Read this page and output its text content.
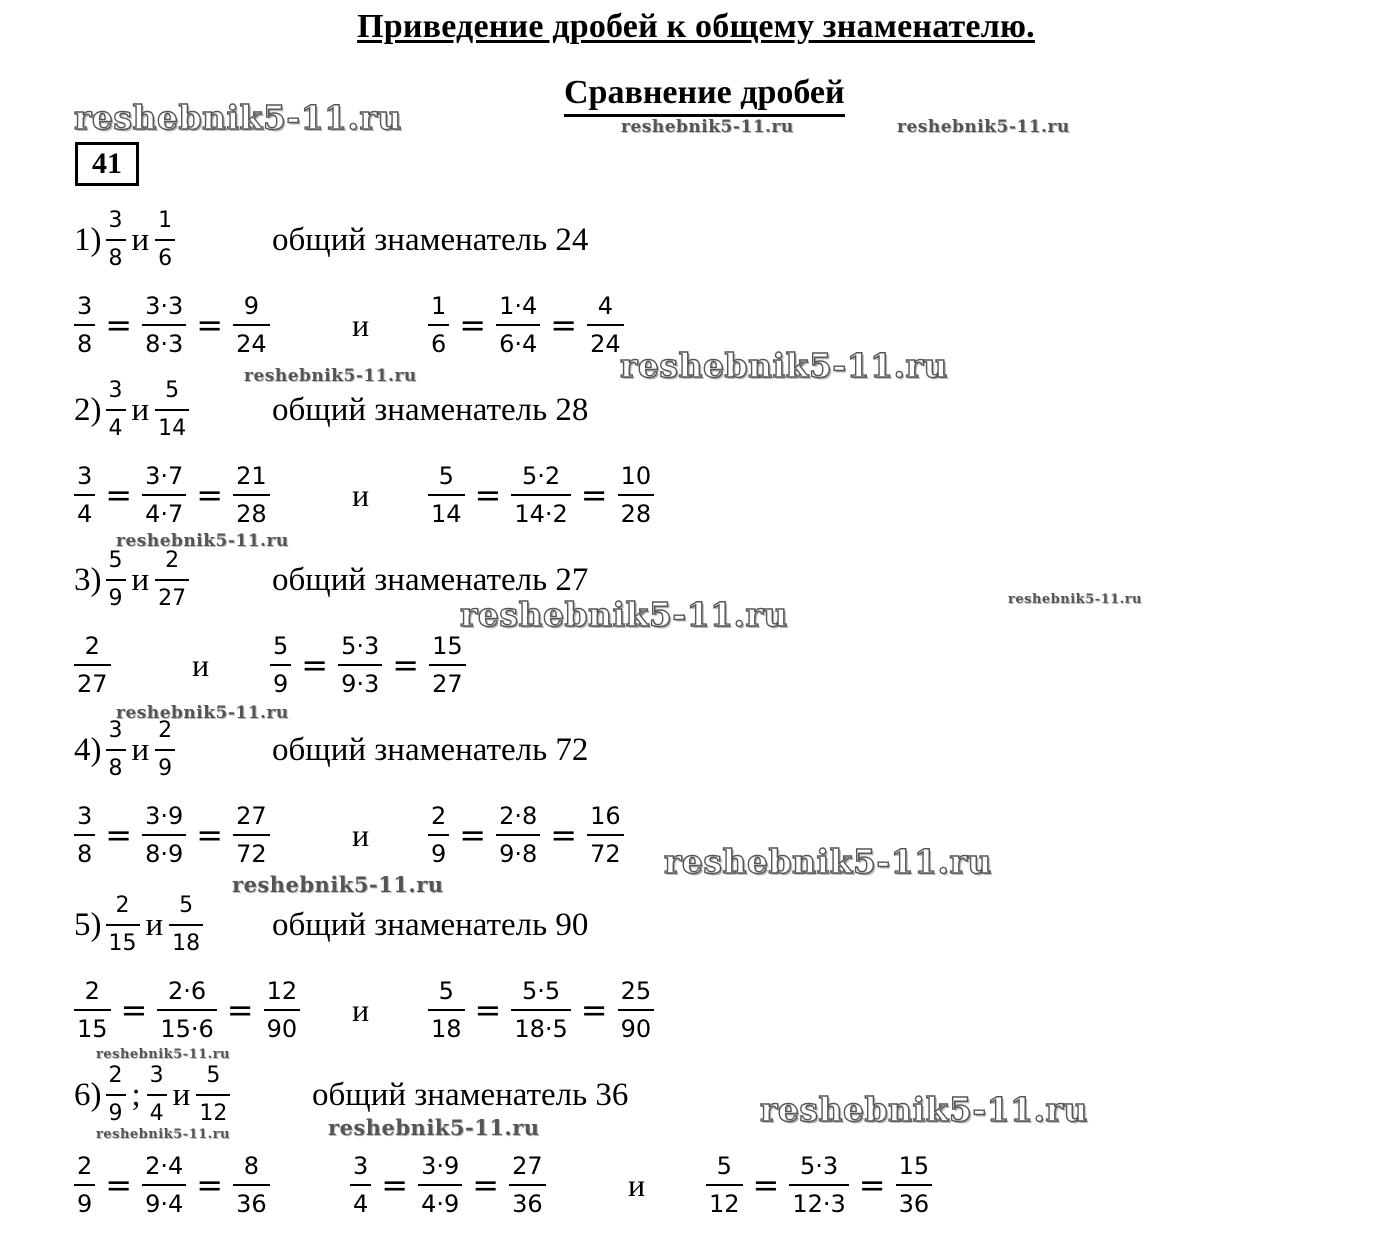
Приведение дробей к общему знаменателю.
Сравнение дробей
41
reshebnik5-11.ru	reshebnik5-11.ru	reshebnik5-11.ru
reshebnik5-11.ru
reshebnik5-11.ru
reshebnik5-11.ru
reshebnik5-11.ru	reshebnik5-11.ru
reshebnik5-11.ru
reshebnik5-11.ru
reshebnik5-11.ru
reshebnik5-11.ru
reshebnik5-11.ru
reshebnik5-11.ru	reshebnik5-11.ru
$1) \frac{3}{8}$ и $\frac{1}{6}$	общий знаменатель 24
$\frac{3}{8} = \frac{3\cdot 3}{8\cdot 3} = \frac{9}{24}$	$\frac{1}{6} = \frac{1\cdot 4}{6\cdot 4} = \frac{4}{24}$
и
$2) \frac{3}{4}$ и $\frac{5}{14}$	общий знаменатель 28
$\frac{3}{4} = \frac{3\cdot 7}{4\cdot 7} = \frac{21}{28}$	$\frac{5}{14} = \frac{5\cdot 2}{14\cdot 2} = \frac{10}{28}$
и
$3) \frac{5}{9}$ и $\frac{2}{27}$	общий знаменатель 27
$\frac{2}{27}$	$\frac{5}{9} = \frac{5\cdot 3}{9\cdot 3} = \frac{15}{27}$
и
$4) \frac{3}{8}$ и $\frac{2}{9}$	общий знаменатель 72
$\frac{3}{8} = \frac{3\cdot 9}{8\cdot 9} = \frac{27}{72}$	$\frac{2}{9} = \frac{2\cdot 8}{9\cdot 8} = \frac{16}{72}$
и
$5) \frac{2}{15}$ и $\frac{5}{18}$ общий знаменатель 90
$\frac{2}{15} = \frac{2\cdot 6}{15\cdot 6} = \frac{12}{90}$	$\frac{5}{18} = \frac{5\cdot 5}{18\cdot 5} = \frac{25}{90}$
и
$6) \frac{2}{9}$ ; $\frac{3}{4}$ и $\frac{5}{12}$ общий знаменатель 36
$\frac{2}{9} = \frac{2\cdot 4}{9\cdot 4} = \frac{8}{36}$	$\frac{3}{4} = \frac{3\cdot 9}{4\cdot 9} = \frac{27}{36}$	$\frac{5}{12} = \frac{5\cdot 3}{12\cdot 3} = \frac{15}{36}$
и
